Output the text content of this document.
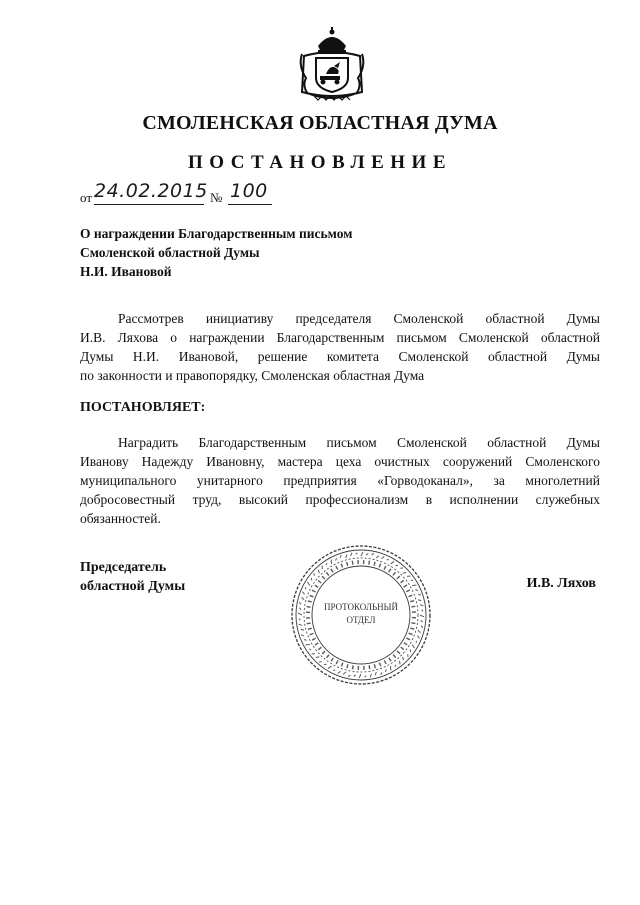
СМОЛЕНСКАЯ ОБЛАСТНАЯ ДУМА
ПОСТАНОВЛЕНИЕ
от 24.02.2015 № 100
О награждении Благодарственным письмом
Смоленской областной Думы
Н.И. Ивановой
Рассмотрев инициативу председателя Смоленской областной Думы
И.В. Ляхова о награждении Благодарственным письмом Смоленской областной
Думы Н.И. Ивановой, решение комитета Смоленской областной Думы
по законности и правопорядку, Смоленская областная Дума
ПОСТАНОВЛЯЕТ:
Наградить Благодарственным письмом Смоленской областной Думы
Иванову Надежду Ивановну, мастера цеха очистных сооружений Смоленского
муниципального унитарного предприятия «Горводоканал», за многолетний
добросовестный труд, высокий профессионализм в исполнении служебных
обязанностей.
Председатель
областной Думы
ПРОТОКОЛЬНЫЙ
ОТДЕЛ
И.В. Ляхов
